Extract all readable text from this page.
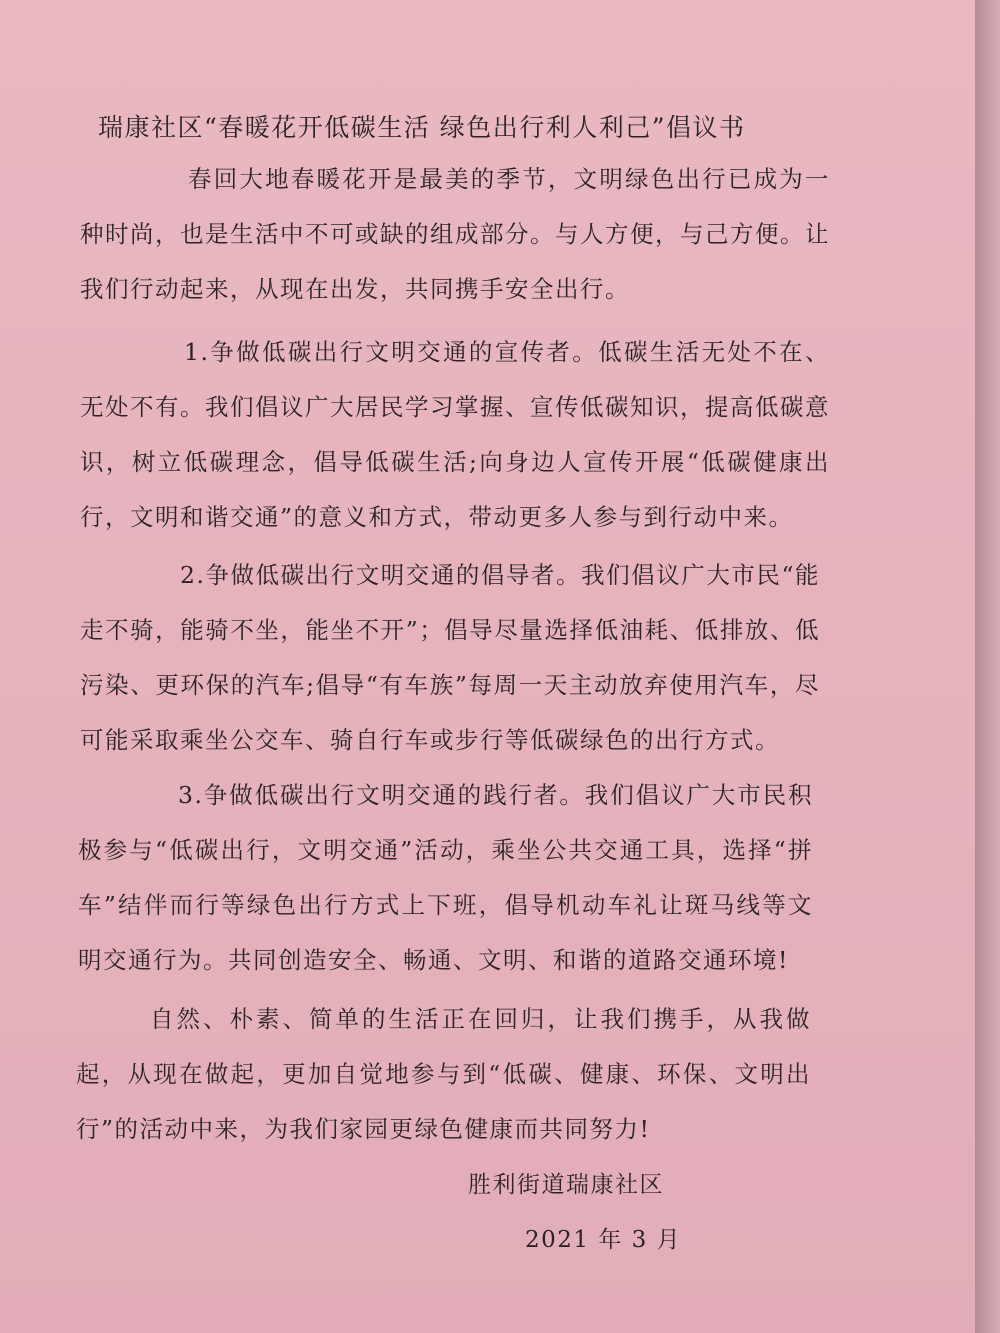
瑞康社区“春暖花开低碳生活 绿色出行利人利己”倡议书

春回大地春暖花开是最美的季节，文明绿色出行已成为一种时尚，也是生活中不可或缺的组成部分。与人方便，与己方便。让我们行动起来，从现在出发，共同携手安全出行。

1.争做低碳出行文明交通的宣传者。低碳生活无处不在、无处不有。我们倡议广大居民学习掌握、宣传低碳知识，提高低碳意识，树立低碳理念，倡导低碳生活;向身边人宣传开展“低碳健康出行，文明和谐交通”的意义和方式，带动更多人参与到行动中来。

2.争做低碳出行文明交通的倡导者。我们倡议广大市民“能走不骑，能骑不坐，能坐不开”；倡导尽量选择低油耗、低排放、低污染、更环保的汽车;倡导“有车族”每周一天主动放弃使用汽车，尽可能采取乘坐公交车、骑自行车或步行等低碳绿色的出行方式。

3.争做低碳出行文明交通的践行者。我们倡议广大市民积极参与“低碳出行，文明交通”活动，乘坐公共交通工具，选择“拼车”结伴而行等绿色出行方式上下班，倡导机动车礼让斑马线等文明交通行为。共同创造安全、畅通、文明、和谐的道路交通环境!

自然、朴素、简单的生活正在回归，让我们携手，从我做起，从现在做起，更加自觉地参与到“低碳、健康、环保、文明出行”的活动中来，为我们家园更绿色健康而共同努力!

胜利街道瑞康社区

2021 年 3 月
